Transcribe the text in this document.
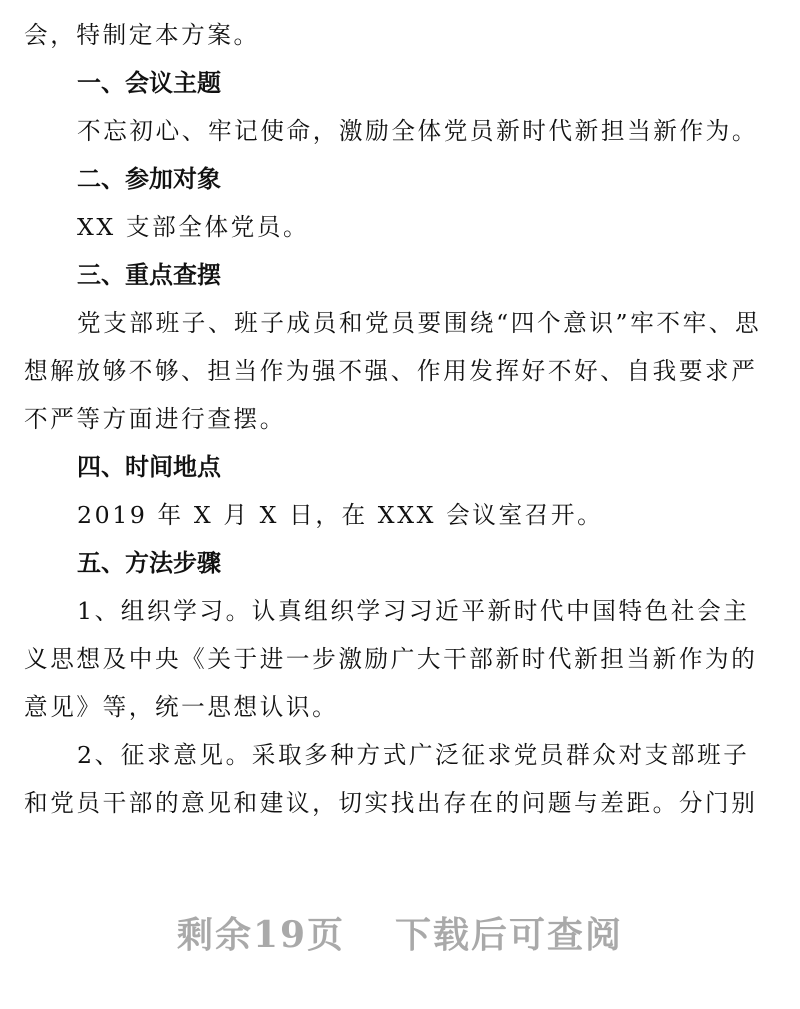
会，特制定本方案。
一、会议主题
不忘初心、牢记使命，激励全体党员新时代新担当新作为。
二、参加对象
XX 支部全体党员。
三、重点查摆
党支部班子、班子成员和党员要围绕“四个意识”牢不牢、思
想解放够不够、担当作为强不强、作用发挥好不好、自我要求严
不严等方面进行查摆。
四、时间地点
2019 年 X 月 X 日，在 XXX 会议室召开。
五、方法步骤
1、组织学习。认真组织学习习近平新时代中国特色社会主
义思想及中央《关于进一步激励广大干部新时代新担当新作为的
意见》等，统一思想认识。
2、征求意见。采取多种方式广泛征求党员群众对支部班子
和党员干部的意见和建议，切实找出存在的问题与差距。分门别
剩余19页 下载后可查阅
